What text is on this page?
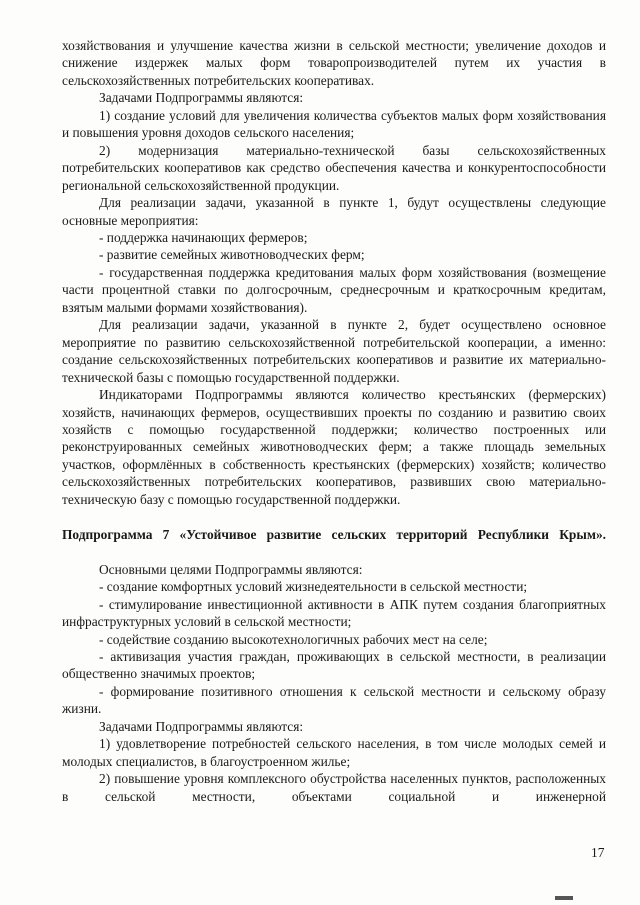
хозяйствования и улучшение качества жизни в сельской местности; увеличение доходов и снижение издержек малых форм товаропроизводителей путем их участия в сельскохозяйственных потребительских кооперативах.

Задачами Подпрограммы являются:

1) создание условий для увеличения количества субъектов малых форм хозяйствования и повышения уровня доходов сельского населения;

2) модернизация материально-технической базы сельскохозяйственных потребительских кооперативов как средство обеспечения качества и конкурентоспособности региональной сельскохозяйственной продукции.

Для реализации задачи, указанной в пункте 1, будут осуществлены следующие основные мероприятия:

- поддержка начинающих фермеров;

- развитие семейных животноводческих ферм;

- государственная поддержка кредитования малых форм хозяйствования (возмещение части процентной ставки по долгосрочным, среднесрочным и краткосрочным кредитам, взятым малыми формами хозяйствования).

Для реализации задачи, указанной в пункте 2, будет осуществлено основное мероприятие по развитию сельскохозяйственной потребительской кооперации, а именно: создание сельскохозяйственных потребительских кооперативов и развитие их материально-технической базы с помощью государственной поддержки.

Индикаторами Подпрограммы являются количество крестьянских (фермерских) хозяйств, начинающих фермеров, осуществивших проекты по созданию и развитию своих хозяйств с помощью государственной поддержки; количество построенных или реконструированных семейных животноводческих ферм; а также площадь земельных участков, оформлённых в собственность крестьянских (фермерских) хозяйств; количество сельскохозяйственных потребительских кооперативов, развивших свою материально-техническую базу с помощью государственной поддержки.

Подпрограмма 7 «Устойчивое развитие сельских территорий Республики Крым».

Основными целями Подпрограммы являются:

- создание комфортных условий жизнедеятельности в сельской местности;

- стимулирование инвестиционной активности в АПК путем создания благоприятных инфраструктурных условий в сельской местности;

- содействие созданию высокотехнологичных рабочих мест на селе;

- активизация участия граждан, проживающих в сельской местности, в реализации общественно значимых проектов;

- формирование позитивного отношения к сельской местности и сельскому образу жизни.

Задачами Подпрограммы являются:

1) удовлетворение потребностей сельского населения, в том числе молодых семей и молодых специалистов, в благоустроенном жилье;

2) повышение уровня комплексного обустройства населенных пунктов, расположенных в сельской местности, объектами социальной и инженерной

17
